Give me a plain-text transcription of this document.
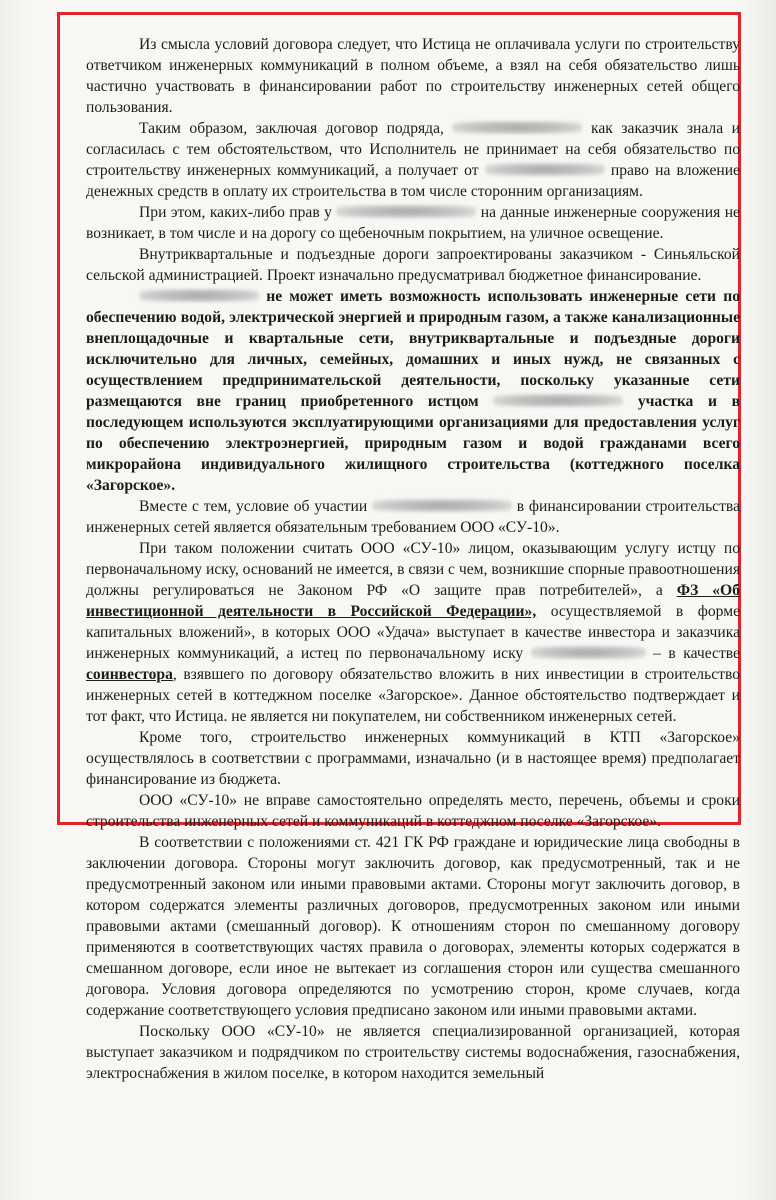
Из смысла условий договора следует, что Истица не оплачивала услуги по строительству ответчиком инженерных коммуникаций в полном объеме, а взял на себя обязательство лишь частично участвовать в финансировании работ по строительству инженерных сетей общего пользования.

Таким образом, заключая договор подряда,	как заказчик знала и согласилась с тем обстоятельством, что Исполнитель не принимает на себя обязательство по строительству инженерных коммуникаций, а получает от	право на вложение денежных средств в оплату их строительства в том числе сторонним организациям.

При этом, каких-либо прав у	на данные инженерные сооружения не возникает, в том числе и на дорогу со щебеночным покрытием, на уличное освещение.

Внутриквартальные и подъездные дороги запроектированы заказчиком - Синьяльской сельской администрацией. Проект изначально предусматривал бюджетное финансирование.

не может иметь возможность использовать инженерные сети по обеспечению водой, электрической энергией и природным газом, а также канализационные внеплощадочные и квартальные сети, внутриквартальные и подъездные дороги исключительно для личных, семейных, домашних и иных нужд, не связанных с осуществлением предпринимательской деятельности, поскольку указанные сети размещаются вне границ приобретенного истцом	участка и в последующем используются эксплуатирующими организациями для предоставления услуг по обеспечению электроэнергией, природным газом и водой гражданами всего микрорайона индивидуального жилищного строительства (коттеджного поселка «Загорское».

Вместе с тем, условие об участии	в финансировании строительства инженерных сетей является обязательным требованием ООО «СУ-10».

При таком положении считать ООО «СУ-10» лицом, оказывающим услугу истцу по первоначальному иску, оснований не имеется, в связи с чем, возникшие спорные правоотношения должны регулироваться не Законом РФ «О защите прав потребителей», а ФЗ «Об инвестиционной деятельности в Российской Федерации», осуществляемой в форме капитальных вложений», в которых ООО «Удача» выступает в качестве инвестора и заказчика инженерных коммуникаций, а истец по первоначальному иску	– в качестве соинвестора, взявшего по договору обязательство вложить в них инвестиции в строительство инженерных сетей в коттеджном поселке «Загорское». Данное обстоятельство подтверждает и тот факт, что Истица. не является ни покупателем, ни собственником инженерных сетей.

Кроме того, строительство инженерных коммуникаций в КТП «Загорское» осуществлялось в соответствии с программами, изначально (и в настоящее время) предполагает финансирование из бюджета.

ООО «СУ-10» не вправе самостоятельно определять место, перечень, объемы и сроки строительства инженерных сетей и коммуникаций в коттеджном поселке «Загорское».

В соответствии с положениями ст. 421 ГК РФ граждане и юридические лица свободны в заключении договора. Стороны могут заключить договор, как предусмотренный, так и не предусмотренный законом или иными правовыми актами. Стороны могут заключить договор, в котором содержатся элементы различных договоров, предусмотренных законом или иными правовыми актами (смешанный договор). К отношениям сторон по смешанному договору применяются в соответствующих частях правила о договорах, элементы которых содержатся в смешанном договоре, если иное не вытекает из соглашения сторон или существа смешанного договора. Условия договора определяются по усмотрению сторон, кроме случаев, когда содержание соответствующего условия предписано законом или иными правовыми актами.

Поскольку ООО «СУ-10» не является специализированной организацией, которая выступает заказчиком и подрядчиком по строительству системы водоснабжения, газоснабжения, электроснабжения в жилом поселке, в котором находится земельный
